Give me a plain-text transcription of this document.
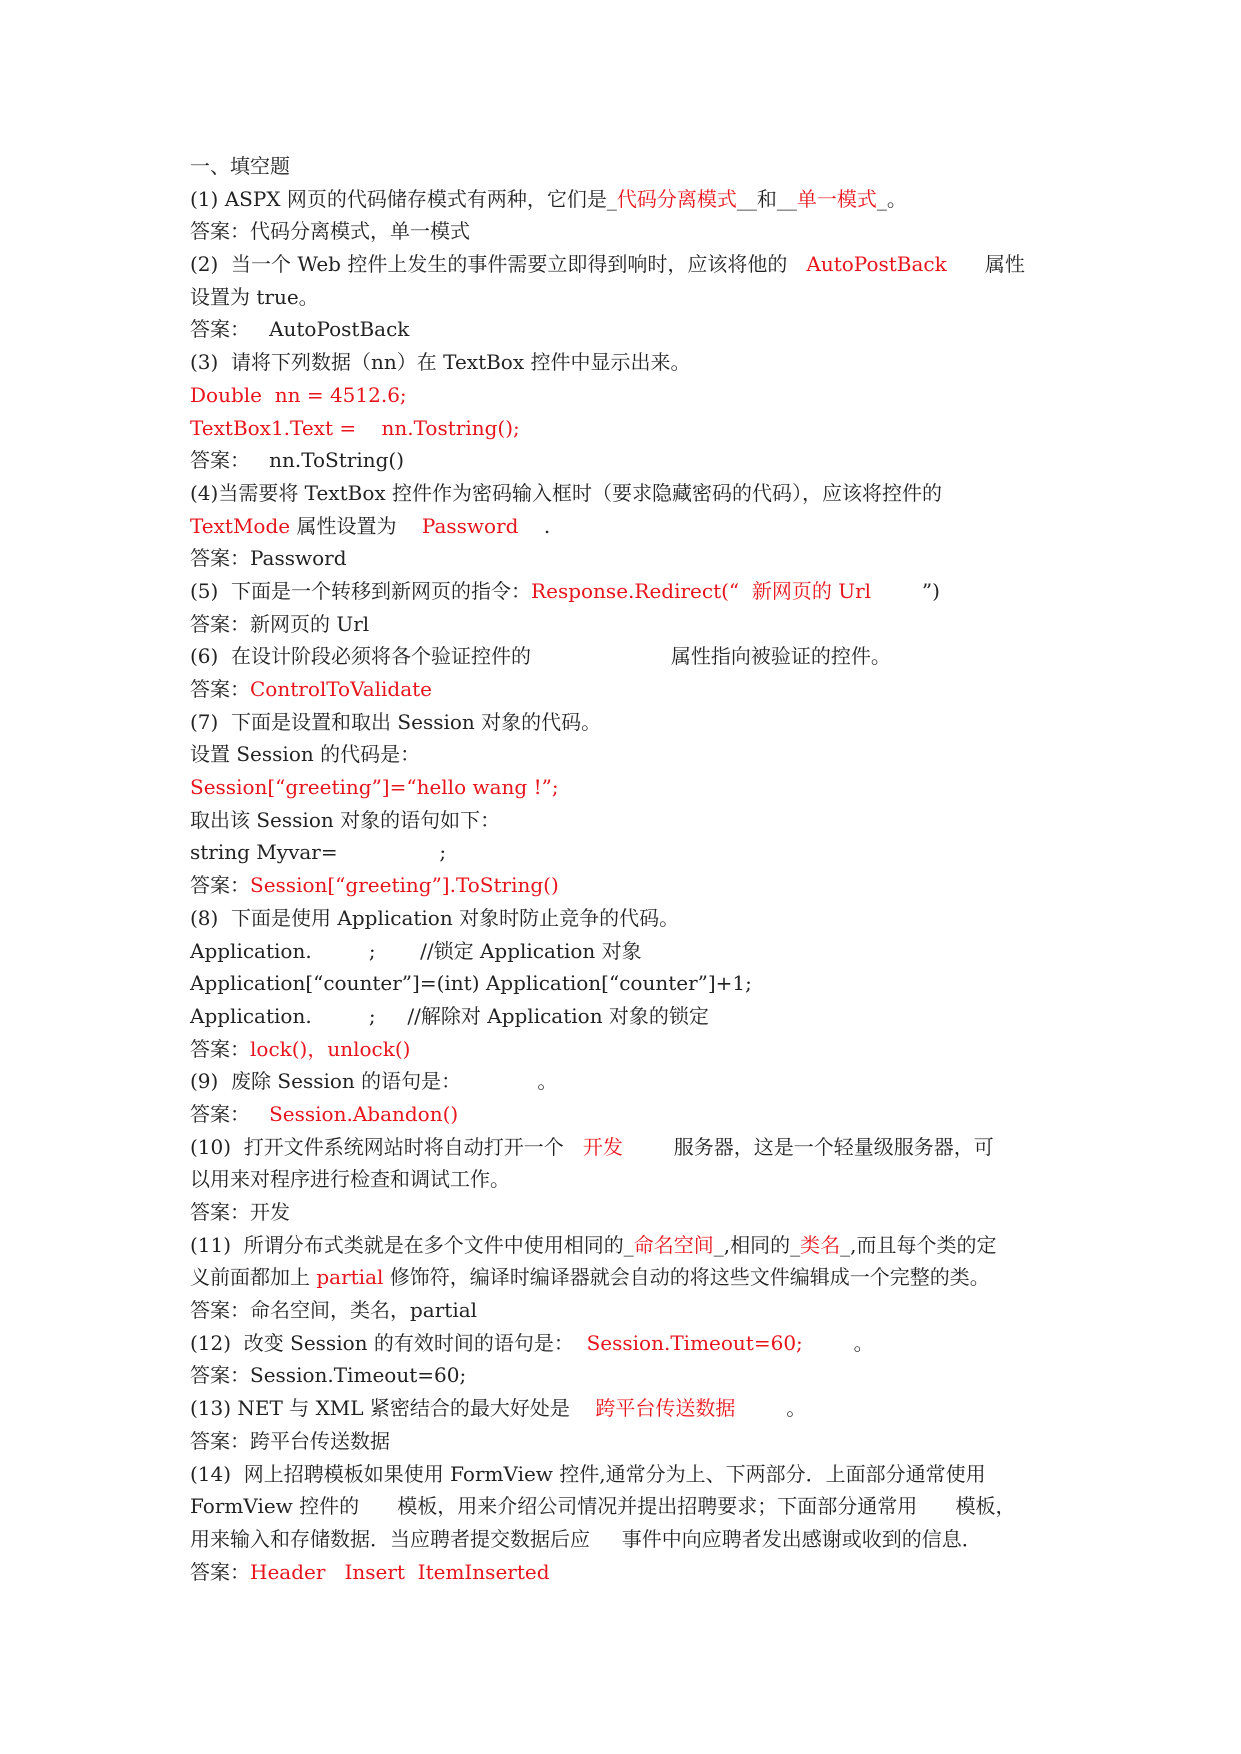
一、填空题
(1) ASPX 网页的代码储存模式有两种，它们是_代码分离模式__和__单一模式_。
答案：代码分离模式，单一模式
(2)  当一个 Web 控件上发生的事件需要立即得到响时，应该将他的   AutoPostBack      属性
设置为 true。
答案：   AutoPostBack
(3)  请将下列数据（nn）在 TextBox 控件中显示出来。
Double  nn = 4512.6;
TextBox1.Text =    nn.Tostring();
答案：   nn.ToString()
(4)当需要将 TextBox 控件作为密码输入框时（要求隐藏密码的代码），应该将控件的
TextMode 属性设置为    Password    .
答案：Password
(5)  下面是一个转移到新网页的指令：Response.Redirect(“  新网页的 Url        ”)
答案：新网页的 Url
(6)  在设计阶段必须将各个验证控件的                      属性指向被验证的控件。
答案：ControlToValidate
(7)  下面是设置和取出 Session 对象的代码。
设置 Session 的代码是：
Session[“greeting”]=“hello wang !”;
取出该 Session 对象的语句如下：
string Myvar=                ;
答案：Session[“greeting”].ToString()
(8)  下面是使用 Application 对象时防止竞争的代码。
Application.         ;       //锁定 Application 对象
Application[“counter”]=(int) Application[“counter”]+1;
Application.         ;     //解除对 Application 对象的锁定
答案：lock()，unlock()
(9)  废除 Session 的语句是：            。
答案：   Session.Abandon()
(10)  打开文件系统网站时将自动打开一个   开发        服务器，这是一个轻量级服务器，可
以用来对程序进行检查和调试工作。
答案：开发
(11)  所谓分布式类就是在多个文件中使用相同的_命名空间_,相同的_类名_,而且每个类的定
义前面都加上 partial 修饰符，编译时编译器就会自动的将这些文件编辑成一个完整的类。
答案：命名空间，类名，partial
(12)  改变 Session 的有效时间的语句是：  Session.Timeout=60;        。
答案：Session.Timeout=60;
(13) NET 与 XML 紧密结合的最大好处是    跨平台传送数据        。
答案：跨平台传送数据
(14)  网上招聘模板如果使用 FormView 控件,通常分为上、下两部分．上面部分通常使用
FormView 控件的      模板，用来介绍公司情况并提出招聘要求；下面部分通常用      模板，
用来输入和存储数据．当应聘者提交数据后应     事件中向应聘者发出感谢或收到的信息．
答案：Header   Insert  ItemInserted
